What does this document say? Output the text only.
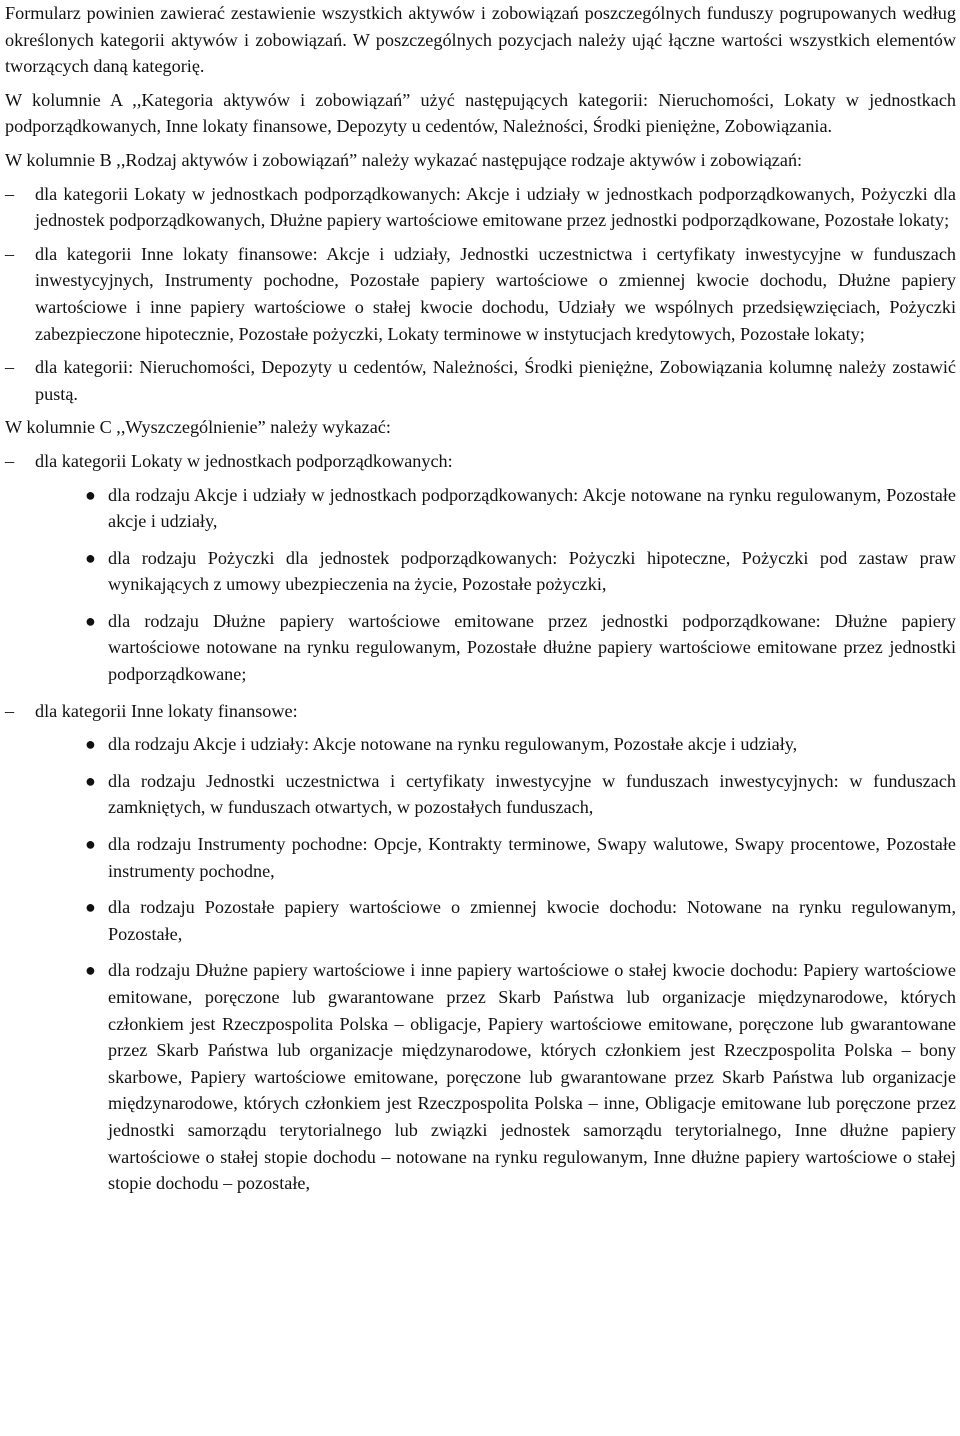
Formularz powinien zawierać zestawienie wszystkich aktywów i zobowiązań poszczególnych funduszy pogrupowanych według określonych kategorii aktywów i zobowiązań. W poszczególnych pozycjach należy ująć łączne wartości wszystkich elementów tworzących daną kategorię.

W kolumnie A ,,Kategoria aktywów i zobowiązań” użyć następujących kategorii: Nieruchomości, Lokaty w jednostkach podporządkowanych, Inne lokaty finansowe, Depozyty u cedentów, Należności, Środki pieniężne, Zobowiązania.

W kolumnie B ,,Rodzaj aktywów i zobowiązań” należy wykazać następujące rodzaje aktywów i zobowiązań:

–	dla kategorii Lokaty w jednostkach podporządkowanych: Akcje i udziały w jednostkach podporządkowanych, Pożyczki dla jednostek podporządkowanych, Dłużne papiery wartościowe emitowane przez jednostki podporządkowane, Pozostałe lokaty;
–	dla kategorii Inne lokaty finansowe: Akcje i udziały, Jednostki uczestnictwa i certyfikaty inwestycyjne w funduszach inwestycyjnych, Instrumenty pochodne, Pozostałe papiery wartościowe o zmiennej kwocie dochodu, Dłużne papiery wartościowe i inne papiery wartościowe o stałej kwocie dochodu, Udziały we wspólnych przedsięwzięciach, Pożyczki zabezpieczone hipotecznie, Pozostałe pożyczki, Lokaty terminowe w instytucjach kredytowych, Pozostałe lokaty;
–	dla kategorii: Nieruchomości, Depozyty u cedentów, Należności, Środki pieniężne, Zobowiązania kolumnę należy zostawić pustą.

W kolumnie C ,,Wyszczególnienie” należy wykazać:

–	dla kategorii Lokaty w jednostkach podporządkowanych:
● dla rodzaju Akcje i udziały w jednostkach podporządkowanych: Akcje notowane na rynku regulowanym, Pozostałe akcje i udziały,
● dla rodzaju Pożyczki dla jednostek podporządkowanych: Pożyczki hipoteczne, Pożyczki pod zastaw praw wynikających z umowy ubezpieczenia na życie, Pozostałe pożyczki,
● dla rodzaju Dłużne papiery wartościowe emitowane przez jednostki podporządkowane: Dłużne papiery wartościowe notowane na rynku regulowanym, Pozostałe dłużne papiery wartościowe emitowane przez jednostki podporządkowane;
–	dla kategorii Inne lokaty finansowe:
● dla rodzaju Akcje i udziały: Akcje notowane na rynku regulowanym, Pozostałe akcje i udziały,
● dla rodzaju Jednostki uczestnictwa i certyfikaty inwestycyjne w funduszach inwestycyjnych: w funduszach zamkniętych, w funduszach otwartych, w pozostałych funduszach,
● dla rodzaju Instrumenty pochodne: Opcje, Kontrakty terminowe, Swapy walutowe, Swapy procentowe, Pozostałe instrumenty pochodne,
● dla rodzaju Pozostałe papiery wartościowe o zmiennej kwocie dochodu: Notowane na rynku regulowanym, Pozostałe,
● dla rodzaju Dłużne papiery wartościowe i inne papiery wartościowe o stałej kwocie dochodu: Papiery wartościowe emitowane, poręczone lub gwarantowane przez Skarb Państwa lub organizacje międzynarodowe, których członkiem jest Rzeczpospolita Polska – obligacje, Papiery wartościowe emitowane, poręczone lub gwarantowane przez Skarb Państwa lub organizacje międzynarodowe, których członkiem jest Rzeczpospolita Polska – bony skarbowe, Papiery wartościowe emitowane, poręczone lub gwarantowane przez Skarb Państwa lub organizacje międzynarodowe, których członkiem jest Rzeczpospolita Polska – inne, Obligacje emitowane lub poręczone przez jednostki samorządu terytorialnego lub związki jednostek samorządu terytorialnego, Inne dłużne papiery wartościowe o stałej stopie dochodu – notowane na rynku regulowanym, Inne dłużne papiery wartościowe o stałej stopie dochodu – pozostałe,
